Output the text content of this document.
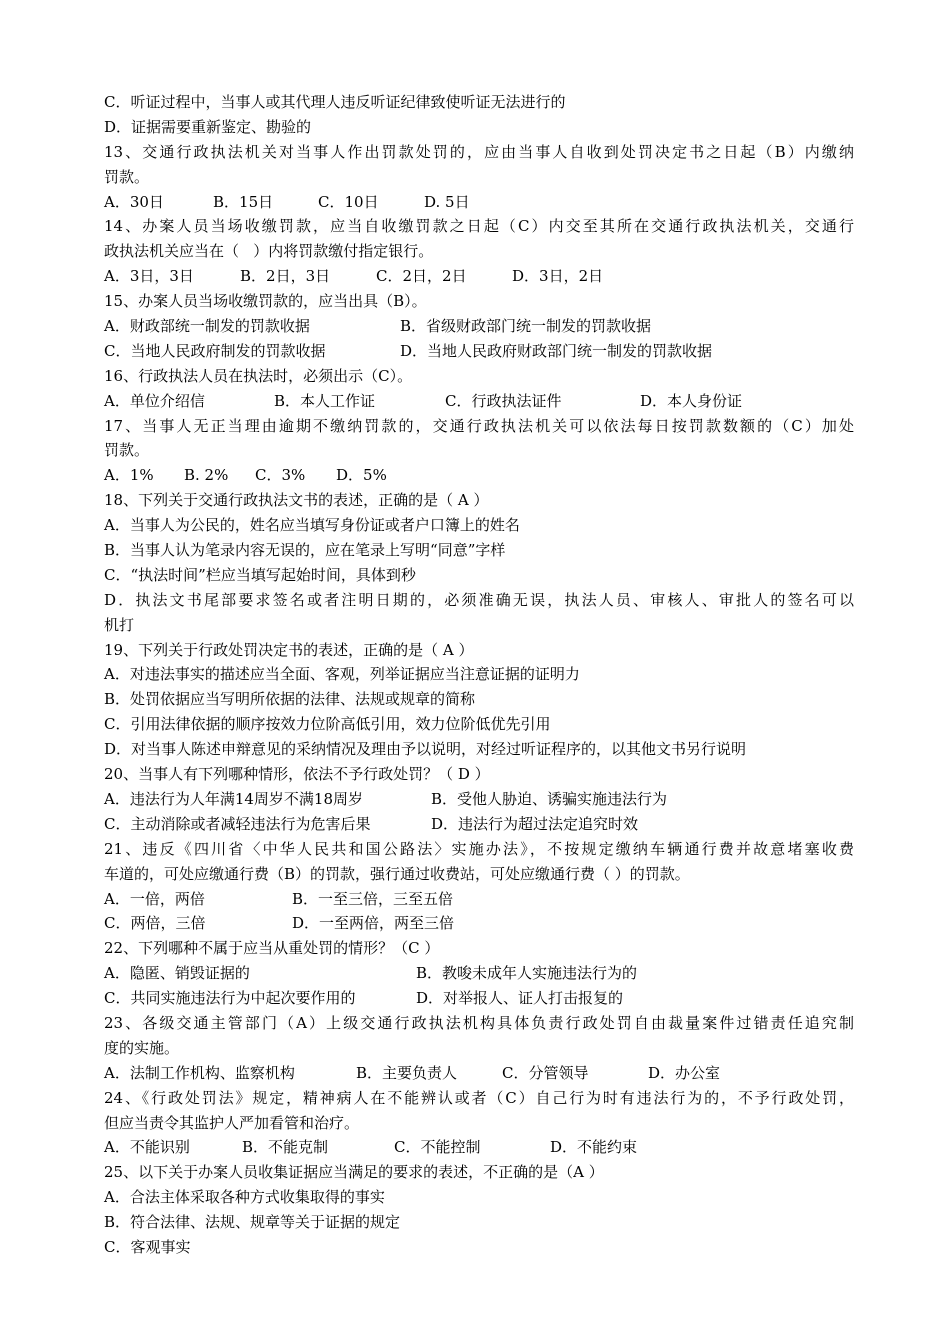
C．听证过程中，当事人或其代理人违反听证纪律致使听证无法进行的
D．证据需要重新鉴定、勘验的
13、交通行政执法机关对当事人作出罚款处罚的，应由当事人自收到处罚决定书之日起（B）内缴纳
罚款。
A．30日	B．15日	C．10日	D. 5日
14、办案人员当场收缴罚款，应当自收缴罚款之日起（C）内交至其所在交通行政执法机关，交通行
政执法机关应当在（   ）内将罚款缴付指定银行。
A．3日，3日	B．2日，3日	C．2日，2日	D．3日，2日
15、办案人员当场收缴罚款的，应当出具（B）。
A．财政部统一制发的罚款收据	B．省级财政部门统一制发的罚款收据
C．当地人民政府制发的罚款收据	D．当地人民政府财政部门统一制发的罚款收据
16、行政执法人员在执法时，必须出示（C）。
A．单位介绍信	B．本人工作证	C．行政执法证件	D．本人身份证
17、当事人无正当理由逾期不缴纳罚款的，交通行政执法机关可以依法每日按罚款数额的（C）加处
罚款。
A．1% B. 2% C．3% D．5%
18、下列关于交通行政执法文书的表述，正确的是（ A ）
A．当事人为公民的，姓名应当填写身份证或者户口簿上的姓名
B．当事人认为笔录内容无误的，应在笔录上写明“同意”字样
C．“执法时间”栏应当填写起始时间，具体到秒
D．执法文书尾部要求签名或者注明日期的，必须准确无误，执法人员、审核人、审批人的签名可以
机打
19、下列关于行政处罚决定书的表述，正确的是（ A ）
A．对违法事实的描述应当全面、客观，列举证据应当注意证据的证明力
B．处罚依据应当写明所依据的法律、法规或规章的简称
C．引用法律依据的顺序按效力位阶高低引用，效力位阶低优先引用
D．对当事人陈述申辩意见的采纳情况及理由予以说明，对经过听证程序的，以其他文书另行说明
20、当事人有下列哪种情形，依法不予行政处罚？（ D ）
A．违法行为人年满14周岁不满18周岁	B．受他人胁迫、诱骗实施违法行为
C．主动消除或者减轻违法行为危害后果	D．违法行为超过法定追究时效
21、违反《四川省〈中华人民共和国公路法〉实施办法》，不按规定缴纳车辆通行费并故意堵塞收费
车道的，可处应缴通行费（B）的罚款，强行通过收费站，可处应缴通行费（ ）的罚款。
A．一倍，两倍	B．一至三倍，三至五倍
C．两倍，三倍	D．一至两倍，两至三倍
22、下列哪种不属于应当从重处罚的情形？（C ）
A．隐匿、销毁证据的	B．教唆未成年人实施违法行为的
C．共同实施违法行为中起次要作用的	D．对举报人、证人打击报复的
23、各级交通主管部门（A）上级交通行政执法机构具体负责行政处罚自由裁量案件过错责任追究制
度的实施。
A．法制工作机构、监察机构	B．主要负责人	C．分管领导	D．办公室
24、《行政处罚法》规定，精神病人在不能辨认或者（C）自己行为时有违法行为的，不予行政处罚，
但应当责令其监护人严加看管和治疗。
A．不能识别	B．不能克制	C．不能控制	D．不能约束
25、以下关于办案人员收集证据应当满足的要求的表述，不正确的是（A ）
A．合法主体采取各种方式收集取得的事实
B．符合法律、法规、规章等关于证据的规定
C．客观事实
